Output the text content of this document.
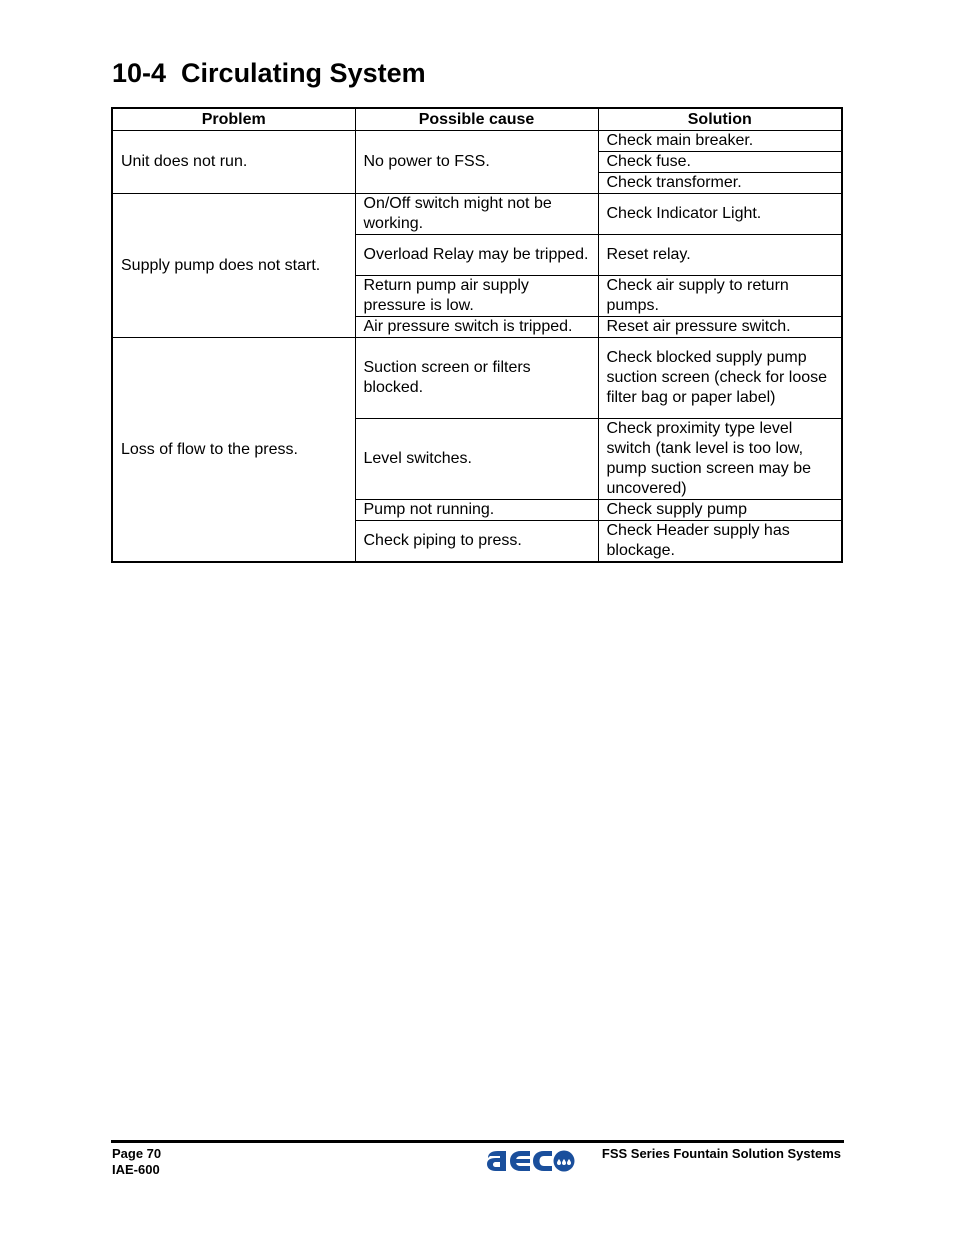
10-4  Circulating System
Problem	Possible cause	Solution
Unit does not run.	No power to FSS.	Check main breaker.
		Check fuse.
		Check transformer.
Supply pump does not start.	On/Off switch might not be working.	Check Indicator Light.
	Overload Relay may be tripped.	Reset relay.
	Return pump air supply pressure is low.	Check air supply to return pumps.
	Air pressure switch is tripped.	Reset air pressure switch.
Loss of flow to the press.	Suction screen or filters blocked.	Check blocked supply pump suction screen (check for loose filter bag or paper label)
	Level switches.	Check proximity type level switch (tank level is too low, pump suction screen may be uncovered)
	Pump not running.	Check supply pump
	Check piping to press.	Check Header supply has blockage.
Page 70
IAE-600
FSS Series Fountain Solution Systems
